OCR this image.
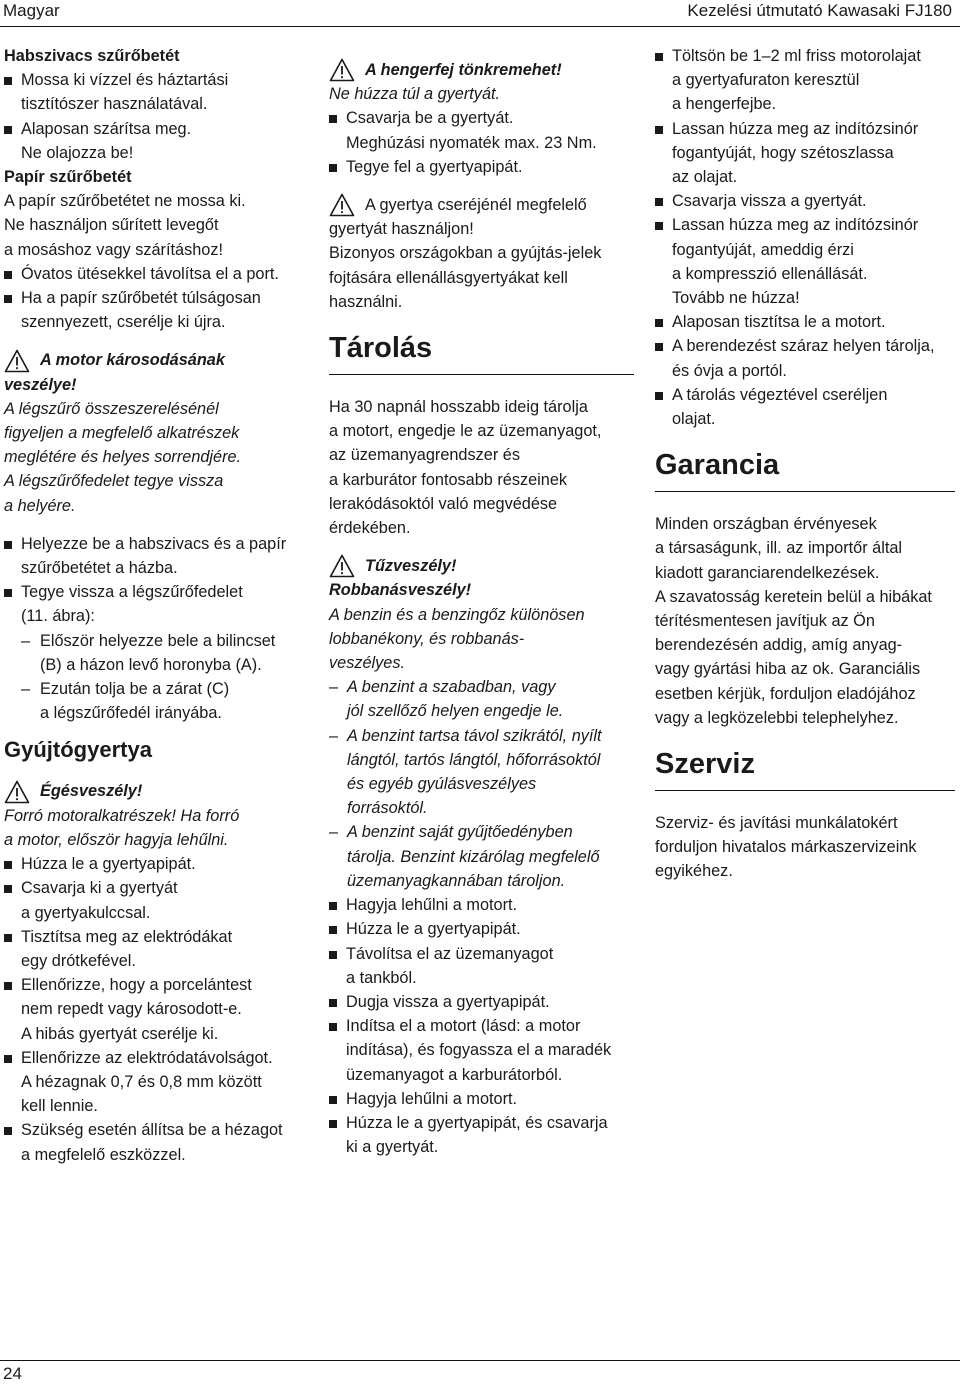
Magyar	Kezelési útmutató Kawasaki FJ180
Habszivacs szűrőbetét
Mossa ki vízzel és háztartási
tisztítószer használatával.
Alaposan szárítsa meg.
Ne olajozza be!
Papír szűrőbetét
A papír szűrőbetétet ne mossa ki.
Ne használjon sűrített levegőt
a mosáshoz vagy szárításhoz!
Óvatos ütésekkel távolítsa el a port.
Ha a papír szűrőbetét túlságosan
szennyezett, cserélje ki újra.
A motor károsodásának
veszélye!
A légszűrő összeszerelésénél
figyeljen a megfelelő alkatrészek
meglétére és helyes sorrendjére.
A légszűrőfedelet tegye vissza
a helyére.
Helyezze be a habszivacs és a papír
szűrőbetétet a házba.
Tegye vissza a légszűrőfedelet
(11. ábra):
– Először helyezze bele a bilincset
(B) a házon levő horonyba (A).
– Ezután tolja be a zárat (C)
a légszűrőfedél irányába.
Gyújtógyertya
Égésveszély!
Forró motoralkatrészek! Ha forró
a motor, először hagyja lehűlni.
Húzza le a gyertyapipát.
Csavarja ki a gyertyát
a gyertyakulccsal.
Tisztítsa meg az elektródákat
egy drótkefével.
Ellenőrizze, hogy a porcelántest
nem repedt vagy károsodott-e.
A hibás gyertyát cserélje ki.
Ellenőrizze az elektródatávolságot.
A hézagnak 0,7 és 0,8 mm között
kell lennie.
Szükség esetén állítsa be a hézagot
a megfelelő eszközzel.
A hengerfej tönkremehet!
Ne húzza túl a gyertyát.
Csavarja be a gyertyát.
Meghúzási nyomaték max. 23 Nm.
Tegye fel a gyertyapipát.
A gyertya cseréjénél megfelelő
gyertyát használjon!
Bizonyos országokban a gyújtás-jelek
fojtására ellenállásgyertyákat kell
használni.
Tárolás
Ha 30 napnál hosszabb ideig tárolja
a motort, engedje le az üzemanyagot,
az üzemanyagrendszer és
a karburátor fontosabb részeinek
lerakódásoktól való megvédése
érdekében.
Tűzveszély!
Robbanásveszély!
A benzin és a benzingőz különösen
lobbanékony, és robbanás-
veszélyes.
– A benzint a szabadban, vagy
jól szellőző helyen engedje le.
– A benzint tartsa távol szikrától, nyílt
lángtól, tartós lángtól, hőforrásoktól
és egyéb gyúlásveszélyes
forrásoktól.
– A benzint saját gyűjtőedényben
tárolja. Benzint kizárólag megfelelő
üzemanyagkannában tároljon.
Hagyja lehűlni a motort.
Húzza le a gyertyapipát.
Távolítsa el az üzemanyagot
a tankból.
Dugja vissza a gyertyapipát.
Indítsa el a motort (lásd: a motor
indítása), és fogyassza el a maradék
üzemanyagot a karburátorból.
Hagyja lehűlni a motort.
Húzza le a gyertyapipát, és csavarja
ki a gyertyát.
Töltsön be 1–2 ml friss motorolajat
a gyertyafuraton keresztül
a hengerfejbe.
Lassan húzza meg az indítózsinór
fogantyúját, hogy szétoszlassa
az olajat.
Csavarja vissza a gyertyát.
Lassan húzza meg az indítózsinór
fogantyúját, ameddig érzi
a kompresszió ellenállását.
Tovább ne húzza!
Alaposan tisztítsa le a motort.
A berendezést száraz helyen tárolja,
és óvja a portól.
A tárolás végeztével cseréljen
olajat.
Garancia
Minden országban érvényesek
a társaságunk, ill. az importőr által
kiadott garanciarendelkezések.
A szavatosság keretein belül a hibákat
térítésmentesen javítjuk az Ön
berendezésén addig, amíg anyag-
vagy gyártási hiba az ok. Garanciális
esetben kérjük, forduljon eladójához
vagy a legközelebbi telephelyhez.
Szerviz
Szerviz- és javítási munkálatokért
forduljon hivatalos márkaszervizeink
egyikéhez.
24
